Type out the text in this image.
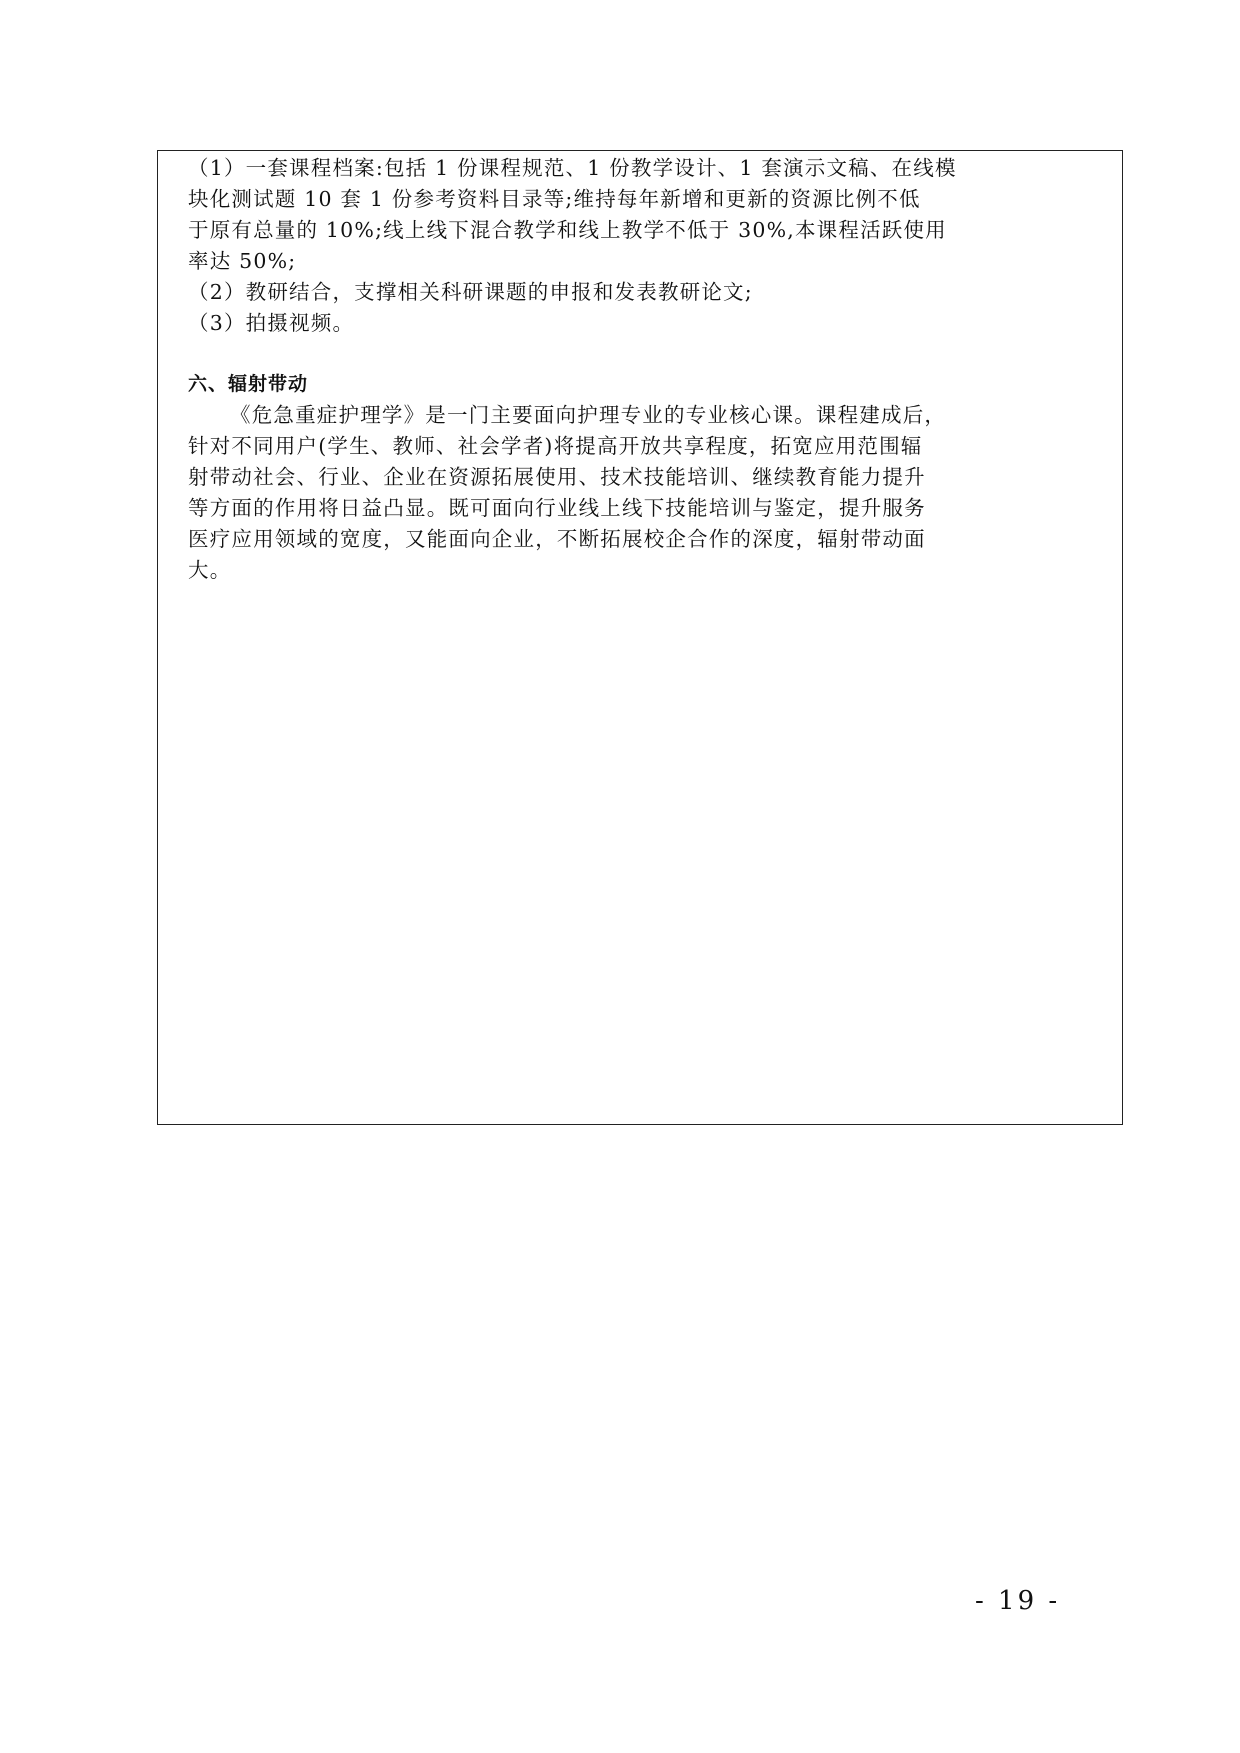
（1）一套课程档案:包括 1 份课程规范、1 份教学设计、1 套演示文稿、在线模
块化测试题 10 套 1 份参考资料目录等;维持每年新增和更新的资源比例不低
于原有总量的 10%;线上线下混合教学和线上教学不低于 30%,本课程活跃使用
率达 50%;
（2）教研结合，支撑相关科研课题的申报和发表教研论文;
（3）拍摄视频。
六、辐射带动
《危急重症护理学》是一门主要面向护理专业的专业核心课。课程建成后，
针对不同用户(学生、教师、社会学者)将提高开放共享程度，拓宽应用范围辐
射带动社会、行业、企业在资源拓展使用、技术技能培训、继续教育能力提升
等方面的作用将日益凸显。既可面向行业线上线下技能培训与鉴定，提升服务
医疗应用领域的宽度，又能面向企业，不断拓展校企合作的深度，辐射带动面
大。
- 19 -
